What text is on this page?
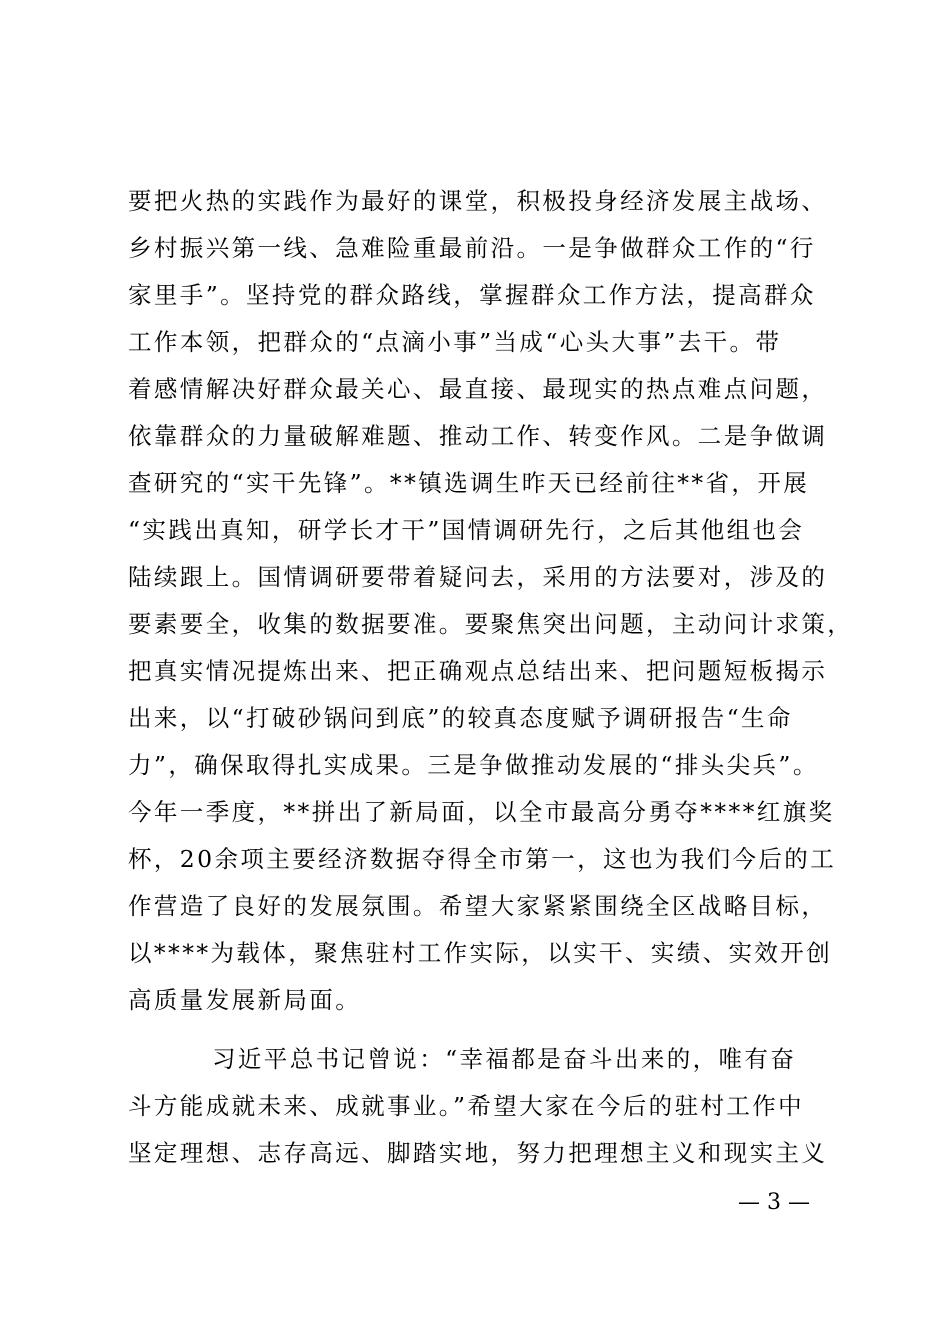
要把火热的实践作为最好的课堂，积极投身经济发展主战场、
乡村振兴第一线、急难险重最前沿。一是争做群众工作的“行
家里手”。坚持党的群众路线，掌握群众工作方法，提高群众
工作本领，把群众的“点滴小事”当成“心头大事”去干。带
着感情解决好群众最关心、最直接、最现实的热点难点问题，
依靠群众的力量破解难题、推动工作、转变作风。二是争做调
查研究的“实干先锋”。**镇选调生昨天已经前往**省，开展
“实践出真知，研学长才干”国情调研先行，之后其他组也会
陆续跟上。国情调研要带着疑问去，采用的方法要对，涉及的
要素要全，收集的数据要准。要聚焦突出问题，主动问计求策，
把真实情况提炼出来、把正确观点总结出来、把问题短板揭示
出来，以“打破砂锅问到底”的较真态度赋予调研报告“生命
力”，确保取得扎实成果。三是争做推动发展的“排头尖兵”。
今年一季度，**拼出了新局面，以全市最高分勇夺****红旗奖
杯，20余项主要经济数据夺得全市第一，这也为我们今后的工
作营造了良好的发展氛围。希望大家紧紧围绕全区战略目标，
以****为载体，聚焦驻村工作实际，以实干、实绩、实效开创
高质量发展新局面。
习近平总书记曾说：“幸福都是奋斗出来的，唯有奋
斗方能成就未来、成就事业。”希望大家在今后的驻村工作中
坚定理想、志存高远、脚踏实地，努力把理想主义和现实主义
— 3 —
